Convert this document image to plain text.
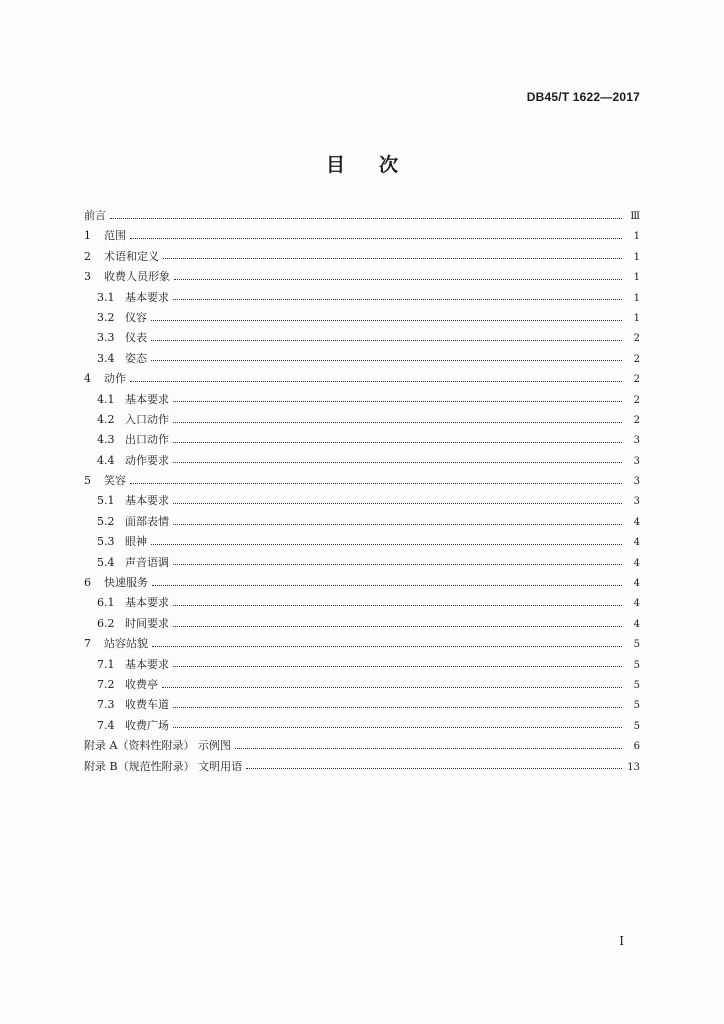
DB45/T 1622—2017
目次
前言	Ⅲ
1	范围	1
2	术语和定义	1
3	收费人员形象	1
3.1 基本要求	1
3.2 仪容	1
3.3 仪表	2
3.4 姿态	2
4	动作	2
4.1 基本要求	2
4.2 入口动作	2
4.3 出口动作	3
4.4 动作要求	3
5	笑容	3
5.1 基本要求	3
5.2 面部表情	4
5.3 眼神	4
5.4 声音语调	4
6	快速服务	4
6.1 基本要求	4
6.2 时间要求	4
7	站容站貌	5
7.1 基本要求	5
7.2 收费亭	5
7.3 收费车道	5
7.4 收费广场	5
附录 A（资料性附录） 示例图	6
附录 B（规范性附录） 文明用语	13
I
